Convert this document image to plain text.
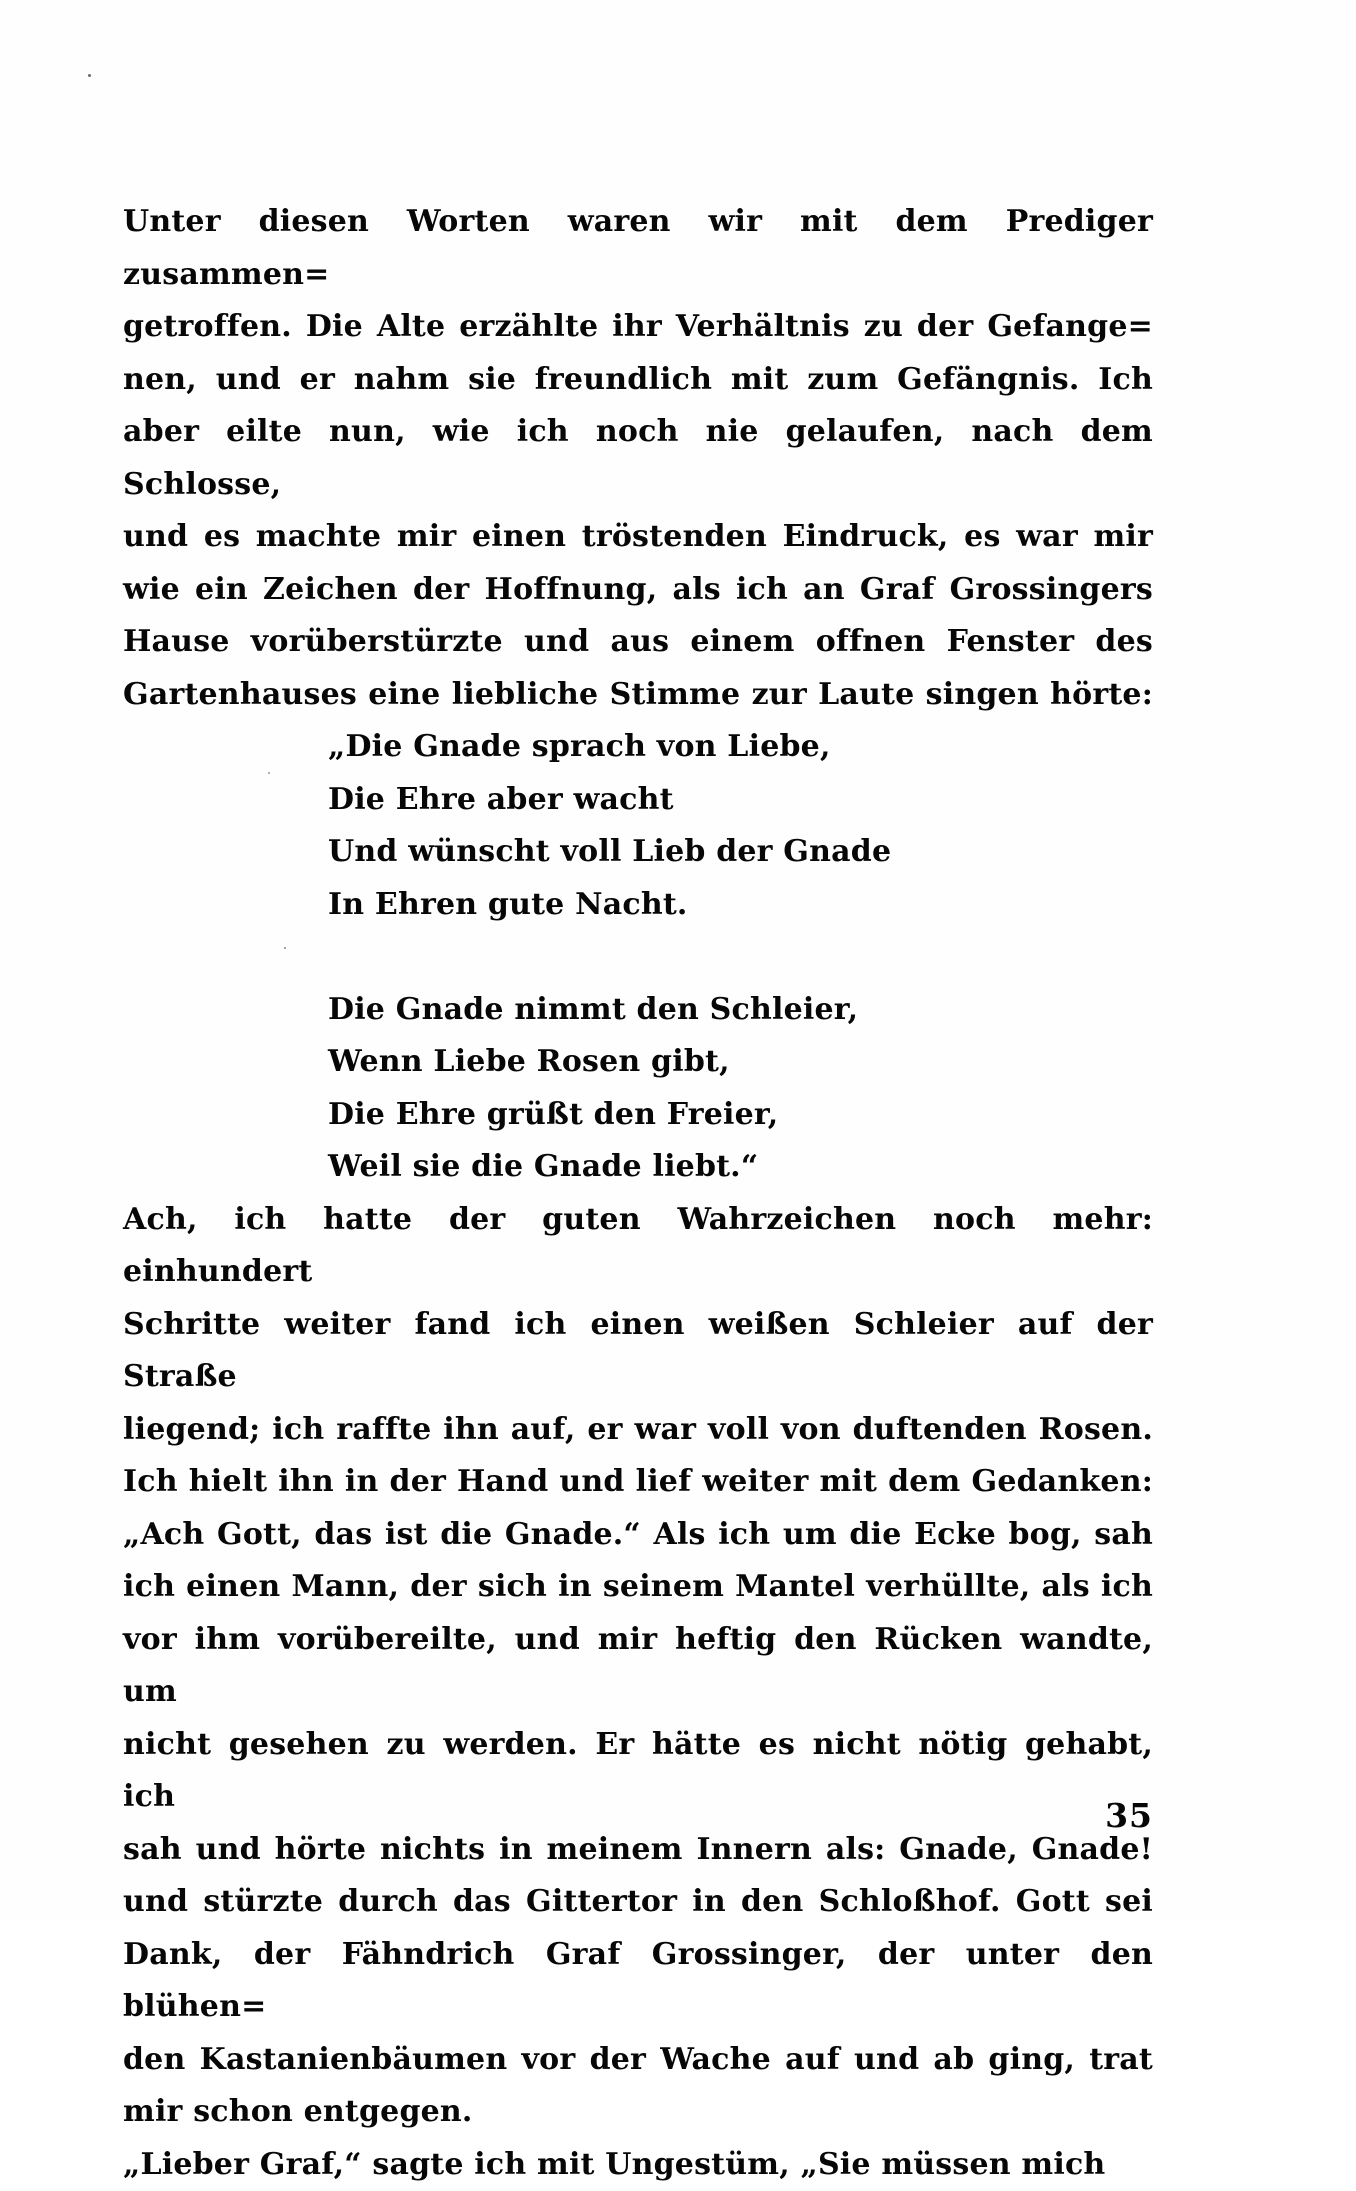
Unter diesen Worten waren wir mit dem Prediger zusammen=
getroffen. Die Alte erzählte ihr Verhältnis zu der Gefange=
nen, und er nahm sie freundlich mit zum Gefängnis. Ich
aber eilte nun, wie ich noch nie gelaufen, nach dem Schlosse,
und es machte mir einen tröstenden Eindruck, es war mir
wie ein Zeichen der Hoffnung, als ich an Graf Grossingers
Hause vorüberstürzte und aus einem offnen Fenster des
Gartenhauses eine liebliche Stimme zur Laute singen hörte:
„Die Gnade sprach von Liebe,
Die Ehre aber wacht
Und wünscht voll Lieb der Gnade
In Ehren gute Nacht.
Die Gnade nimmt den Schleier,
Wenn Liebe Rosen gibt,
Die Ehre grüßt den Freier,
Weil sie die Gnade liebt.“
Ach, ich hatte der guten Wahrzeichen noch mehr: einhundert
Schritte weiter fand ich einen weißen Schleier auf der Straße
liegend; ich raffte ihn auf, er war voll von duftenden Rosen.
Ich hielt ihn in der Hand und lief weiter mit dem Gedanken:
„Ach Gott, das ist die Gnade.“ Als ich um die Ecke bog, sah
ich einen Mann, der sich in seinem Mantel verhüllte, als ich
vor ihm vorübereilte, und mir heftig den Rücken wandte, um
nicht gesehen zu werden. Er hätte es nicht nötig gehabt, ich
sah und hörte nichts in meinem Innern als: Gnade, Gnade!
und stürzte durch das Gittertor in den Schloßhof. Gott sei
Dank, der Fähndrich Graf Grossinger, der unter den blühen=
den Kastanienbäumen vor der Wache auf und ab ging, trat
mir schon entgegen.
„Lieber Graf,“ sagte ich mit Ungestüm, „Sie müssen mich
35
